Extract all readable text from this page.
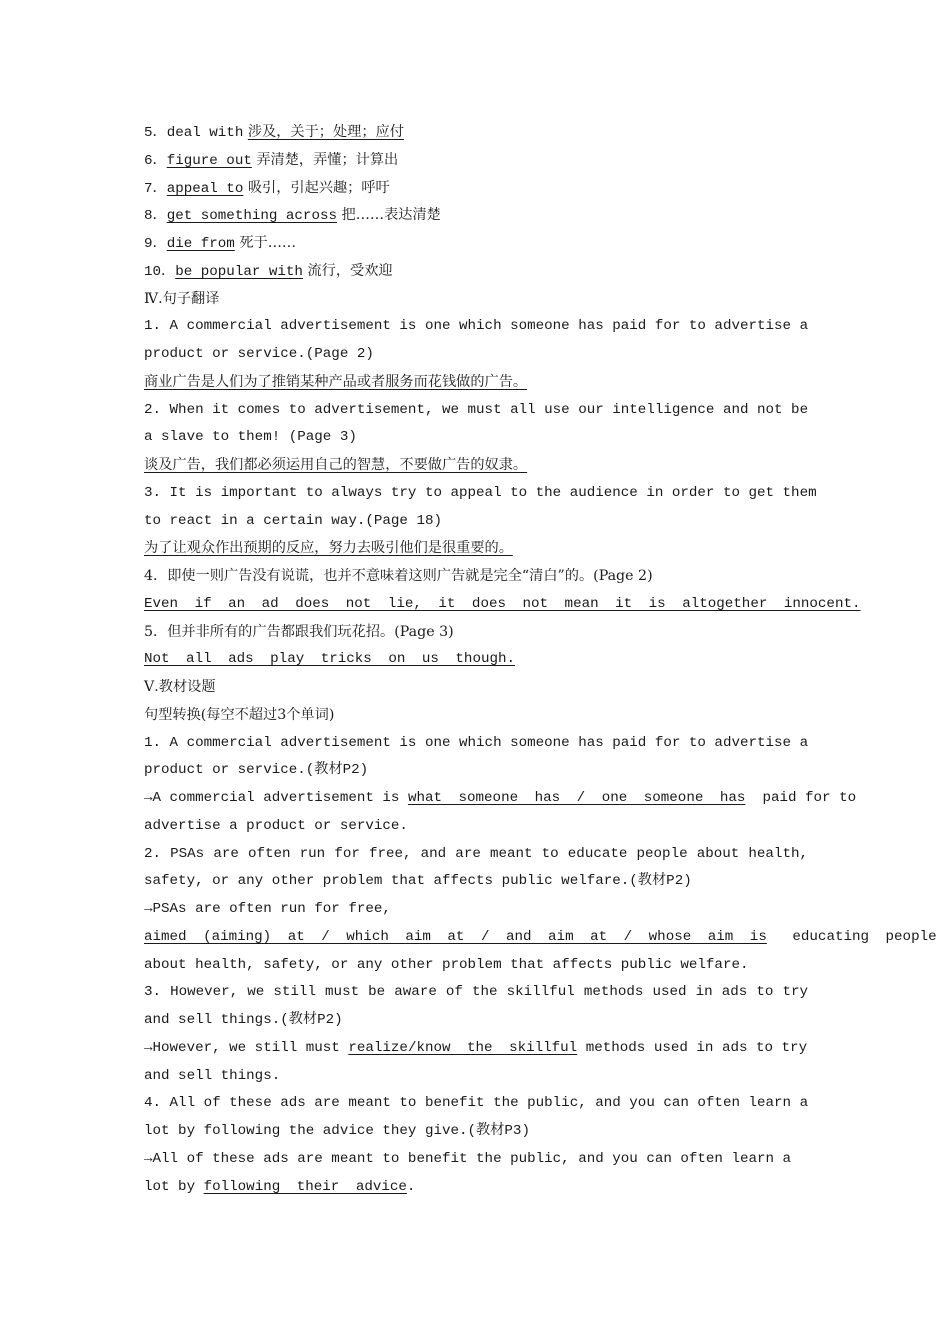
5．deal with 涉及，关于；处理；应付
6．figure out 弄清楚，弄懂；计算出
7．appeal to 吸引，引起兴趣；呼吁
8．get something across 把……表达清楚
9．die from 死于……
10．be popular with 流行，受欢迎
Ⅳ.句子翻译
1. A commercial advertisement is one which someone has paid for to advertise a
product or service.(Page 2)
商业广告是人们为了推销某种产品或者服务而花钱做的广告。
2. When it comes to advertisement, we must all use our intelligence and not be
a slave to them! (Page 3)
谈及广告，我们都必须运用自己的智慧，不要做广告的奴隶。
3. It is important to always try to appeal to the audience in order to get them
to react in a certain way.(Page 18)
为了让观众作出预期的反应，努力去吸引他们是很重要的。
4．即使一则广告没有说谎，也并不意味着这则广告就是完全“清白”的。(Page 2)
Even if an ad does not lie, it does not mean it is altogether innocent.
5．但并非所有的广告都跟我们玩花招。(Page 3)
Not all ads play tricks on us though.
Ⅴ.教材设题
句型转换(每空不超过3个单词)
1. A commercial advertisement is one which someone has paid for to advertise a
product or service.(教材P2)
→A commercial advertisement is what someone has / one someone has paid for to
advertise a product or service.
2. PSAs are often run for free, and are meant to educate people about health,
safety, or any other problem that affects public welfare.(教材P2)
→PSAs are often run for free,
aimed (aiming) at / which aim at / and aim at / whose aim is educating people
about health, safety, or any other problem that affects public welfare.
3. However, we still must be aware of the skillful methods used in ads to try
and sell things.(教材P2)
→However, we still must realize/know the skillful methods used in ads to try
and sell things.
4. All of these ads are meant to benefit the public, and you can often learn a
lot by following the advice they give.(教材P3)
→All of these ads are meant to benefit the public, and you can often learn a
lot by following their advice.
